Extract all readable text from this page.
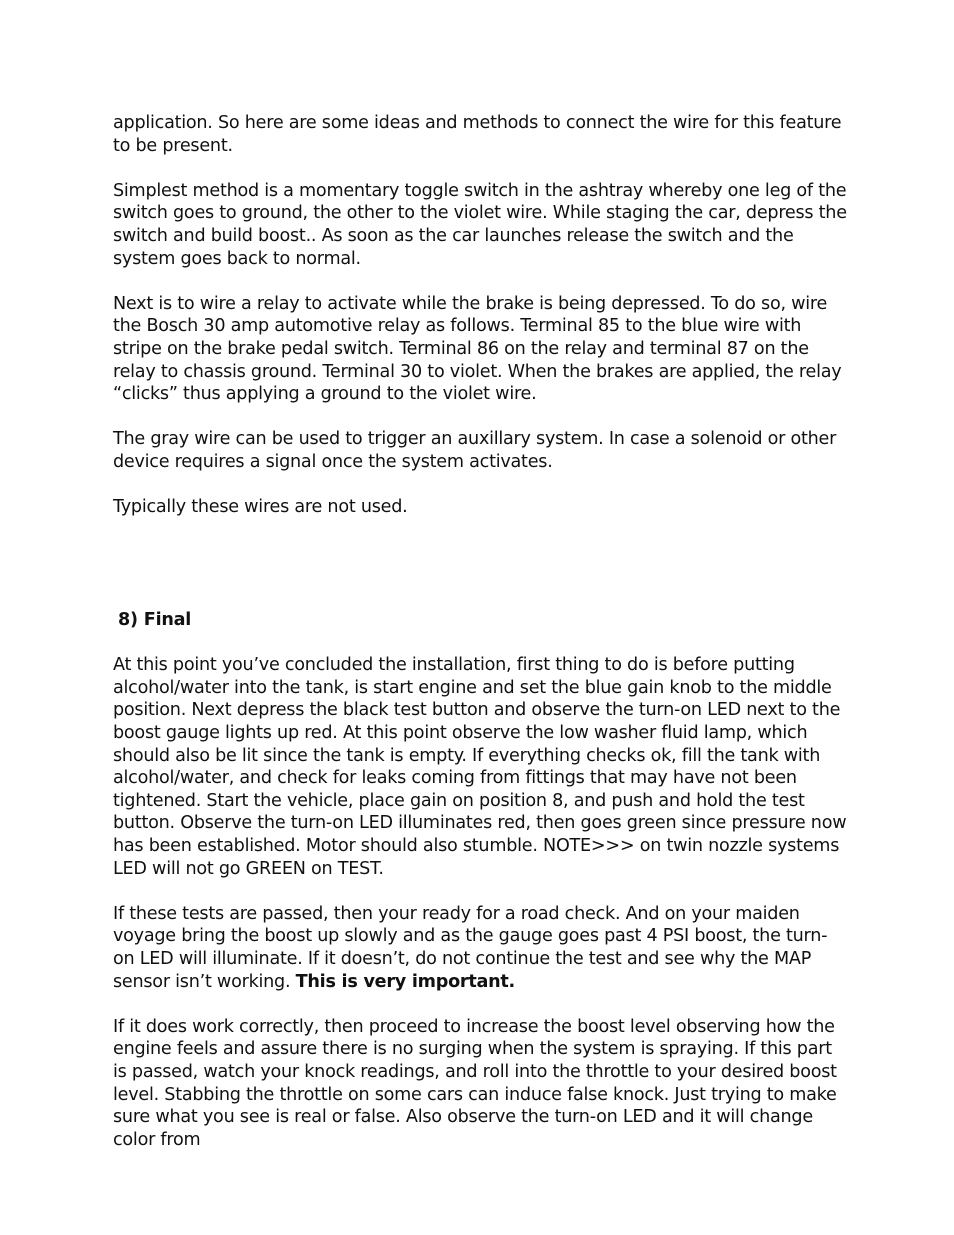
application. So here are some ideas and methods to connect the wire for this feature to be present.

Simplest method is a momentary toggle switch in the ashtray whereby one leg of the switch goes to ground, the other to the violet wire. While staging the car, depress the switch and build boost.. As soon as the car launches release the switch and the system goes back to normal.

Next is to wire a relay to activate while the brake is being depressed. To do so, wire the Bosch 30 amp automotive relay as follows. Terminal 85 to the blue wire with stripe on the brake pedal switch. Terminal 86 on the relay and terminal 87 on the relay to chassis ground. Terminal 30 to violet. When the brakes are applied, the relay “clicks” thus applying a ground to the violet wire.

The gray wire can be used to trigger an auxillary system. In case a solenoid or other device requires a signal once the system activates.

Typically these wires are not used.

8) Final

At this point you’ve concluded the installation, first thing to do is before putting alcohol/water into the tank, is start engine and set the blue gain knob to the middle position. Next depress the black test button and observe the turn-on LED next to the boost gauge lights up red. At this point observe the low washer fluid lamp, which should also be lit since the tank is empty. If everything checks ok, fill the tank with alcohol/water, and check for leaks coming from fittings that may have not been tightened. Start the vehicle, place gain on position 8, and push and hold the test button. Observe the turn-on LED illuminates red, then goes green since pressure now has been established. Motor should also stumble. NOTE>>> on twin nozzle systems LED will not go GREEN on TEST.

If these tests are passed, then your ready for a road check. And on your maiden voyage bring the boost up slowly and as the gauge goes past 4 PSI boost, the turn-on LED will illuminate. If it doesn’t, do not continue the test and see why the MAP sensor isn’t working. This is very important.

If it does work correctly, then proceed to increase the boost level observing how the engine feels and assure there is no surging when the system is spraying. If this part is passed, watch your knock readings, and roll into the throttle to your desired boost level. Stabbing the throttle on some cars can induce false knock. Just trying to make sure what you see is real or false. Also observe the turn-on LED and it will change color from
